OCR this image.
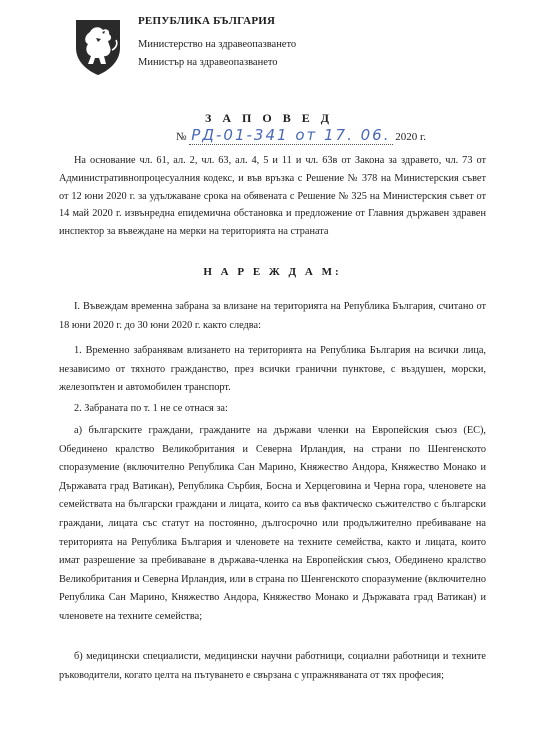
РЕПУБЛИКА БЪЛГАРИЯ
Министерство на здравеопазването
Министър на здравеопазването
З А П О В Е Д
№ РД-01-341 от 17. 06. 2020 г.
На основание чл. 61, ал. 2, чл. 63, ал. 4, 5 и 11 и чл. 63в от Закона за здравето, чл. 73 от Административнопроцесуалния кодекс, и във връзка с Решение № 378 на Министерския съвет от 12 юни 2020 г. за удължаване срока на обявената с Решение № 325 на Министерския съвет от 14 май 2020 г. извънредна епидемична обстановка и предложение от Главния държавен здравен инспектор за въвеждане на мерки на територията на страната
Н А Р Е Ж Д А М:
I. Въвеждам временна забрана за влизане на територията на Република България, считано от 18 юни 2020 г. до 30 юни 2020 г. както следва:
1. Временно забранявам влизането на територията на Република България на всички лица, независимо от тяхното гражданство, през всички гранични пунктове, с въздушен, морски, железопътен и автомобилен транспорт.
2. Забраната по т. 1 не се отнася за:
а) българските граждани, гражданите на държави членки на Европейския съюз (ЕС), Обединено кралство Великобритания и Северна Ирландия, на страни по Шенгенското споразумение (включително Република Сан Марино, Княжество Андора, Княжество Монако и Държавата град Ватикан), Република Сърбия, Босна и Херцеговина и Черна гора, членовете на семействата на български граждани и лицата, които са във фактическо съжителство с български граждани, лицата със статут на постоянно, дългосрочно или продължително пребиваване на територията на Република България и членовете на техните семейства, както и лицата, които имат разрешение за пребиваване в държава-членка на Европейския съюз, Обединено кралство Великобритания и Северна Ирландия, или в страна по Шенгенското споразумение (включително Република Сан Марино, Княжество Андора, Княжество Монако и Държавата град Ватикан) и членовете на техните семейства;
б) медицински специалисти, медицински научни работници, социални работници и техните ръководители, когато целта на пътуването е свързана с упражняваната от тях професия;
